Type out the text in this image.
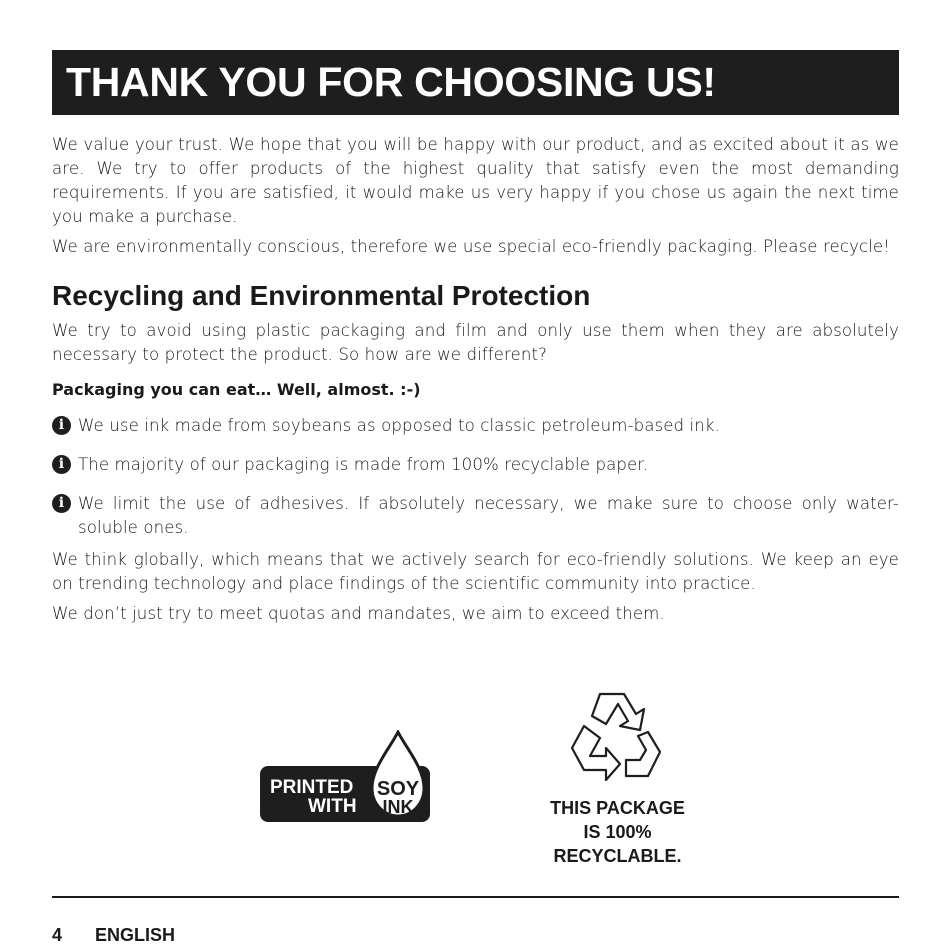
THANK YOU FOR CHOOSING US!

We value your trust. We hope that you will be happy with our product, and as excited about it as we are. We try to offer products of the highest quality that satisfy even the most demanding requirements. If you are satisfied, it would make us very happy if you chose us again the next time you make a purchase.

We are environmentally conscious, therefore we use special eco-friendly packaging. Please recycle!

Recycling and Environmental Protection

We try to avoid using plastic packaging and film and only use them when they are absolutely necessary to protect the product. So how are we different?

Packaging you can eat… Well, almost. :-)
i We use ink made from soybeans as opposed to classic petroleum-based ink.
i The majority of our packaging is made from 100% recyclable paper.
i We limit the use of adhesives. If absolutely necessary, we make sure to choose only water-soluble ones.

We think globally, which means that we actively search for eco-friendly solutions. We keep an eye on trending technology and place findings of the scientific community into practice.

We don’t just try to meet quotas and mandates, we aim to exceed them.

PRINTED
WITH
SOY
INK	THIS PACKAGE
IS 100%
RECYCLABLE.
4 ENGLISH
